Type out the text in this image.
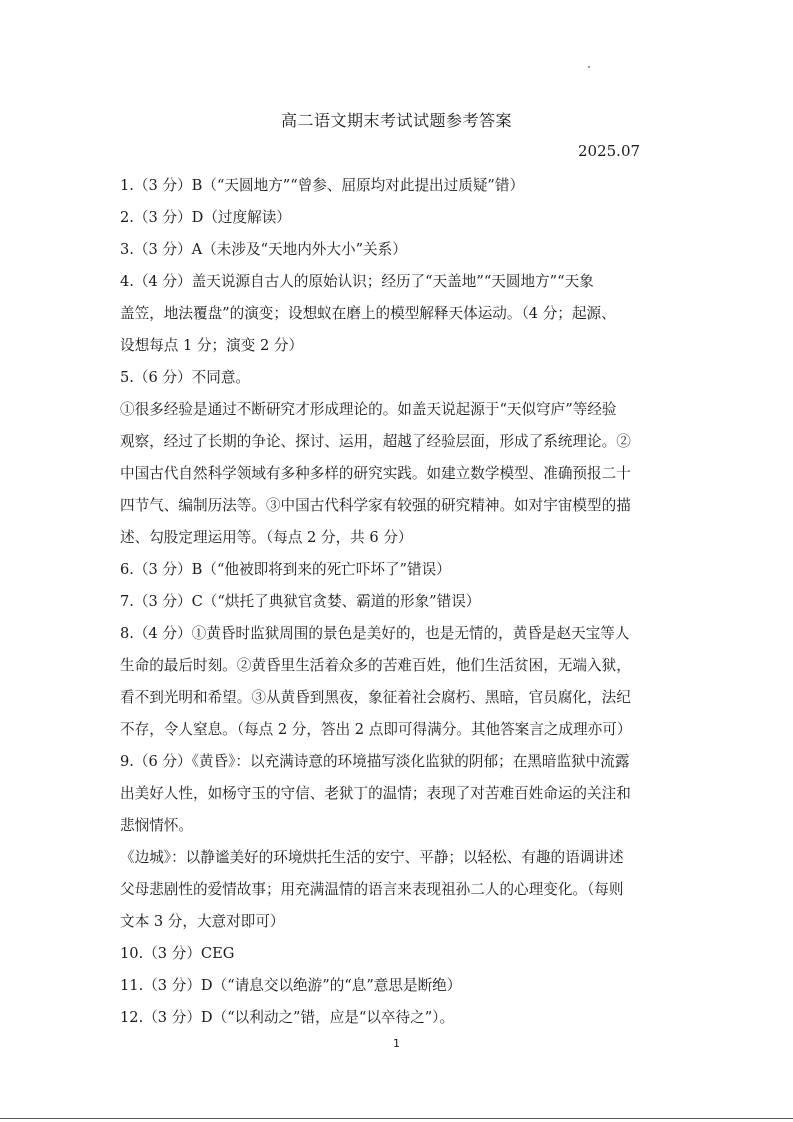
高二语文期末考试试题参考答案
2025.07
1.（3 分）B（“天圆地方”“曾参、屈原均对此提出过质疑”错）
2.（3 分）D（过度解读）
3.（3 分）A（未涉及“天地内外大小”关系）
4.（4 分）盖天说源自古人的原始认识；经历了“天盖地”“天圆地方”“天象
盖笠，地法覆盘”的演变；设想蚁在磨上的模型解释天体运动。（4 分；起源、
设想每点 1 分；演变 2 分）
5.（6 分）不同意。
①很多经验是通过不断研究才形成理论的。如盖天说起源于“天似穹庐”等经验
观察，经过了长期的争论、探讨、运用，超越了经验层面，形成了系统理论。②
中国古代自然科学领域有多种多样的研究实践。如建立数学模型、准确预报二十
四节气、编制历法等。③中国古代科学家有较强的研究精神。如对宇宙模型的描
述、勾股定理运用等。（每点 2 分，共 6 分）
6.（3 分）B（“他被即将到来的死亡吓坏了”错误）
7.（3 分）C（“烘托了典狱官贪婪、霸道的形象”错误）
8.（4 分）①黄昏时监狱周围的景色是美好的，也是无情的，黄昏是赵天宝等人
生命的最后时刻。②黄昏里生活着众多的苦难百姓，他们生活贫困，无端入狱，
看不到光明和希望。③从黄昏到黑夜，象征着社会腐朽、黑暗，官员腐化，法纪
不存，令人窒息。（每点 2 分，答出 2 点即可得满分。其他答案言之成理亦可）
9.（6 分）《黄昏》：以充满诗意的环境描写淡化监狱的阴郁；在黑暗监狱中流露
出美好人性，如杨守玉的守信、老狱丁的温情；表现了对苦难百姓命运的关注和
悲悯情怀。
《边城》：以静谧美好的环境烘托生活的安宁、平静；以轻松、有趣的语调讲述
父母悲剧性的爱情故事；用充满温情的语言来表现祖孙二人的心理变化。（每则
文本 3 分，大意对即可）
10.（3 分）CEG
11.（3 分）D（“请息交以绝游”的“息”意思是断绝）
12.（3 分）D（“以利动之”错，应是“以卒待之”）。
1
